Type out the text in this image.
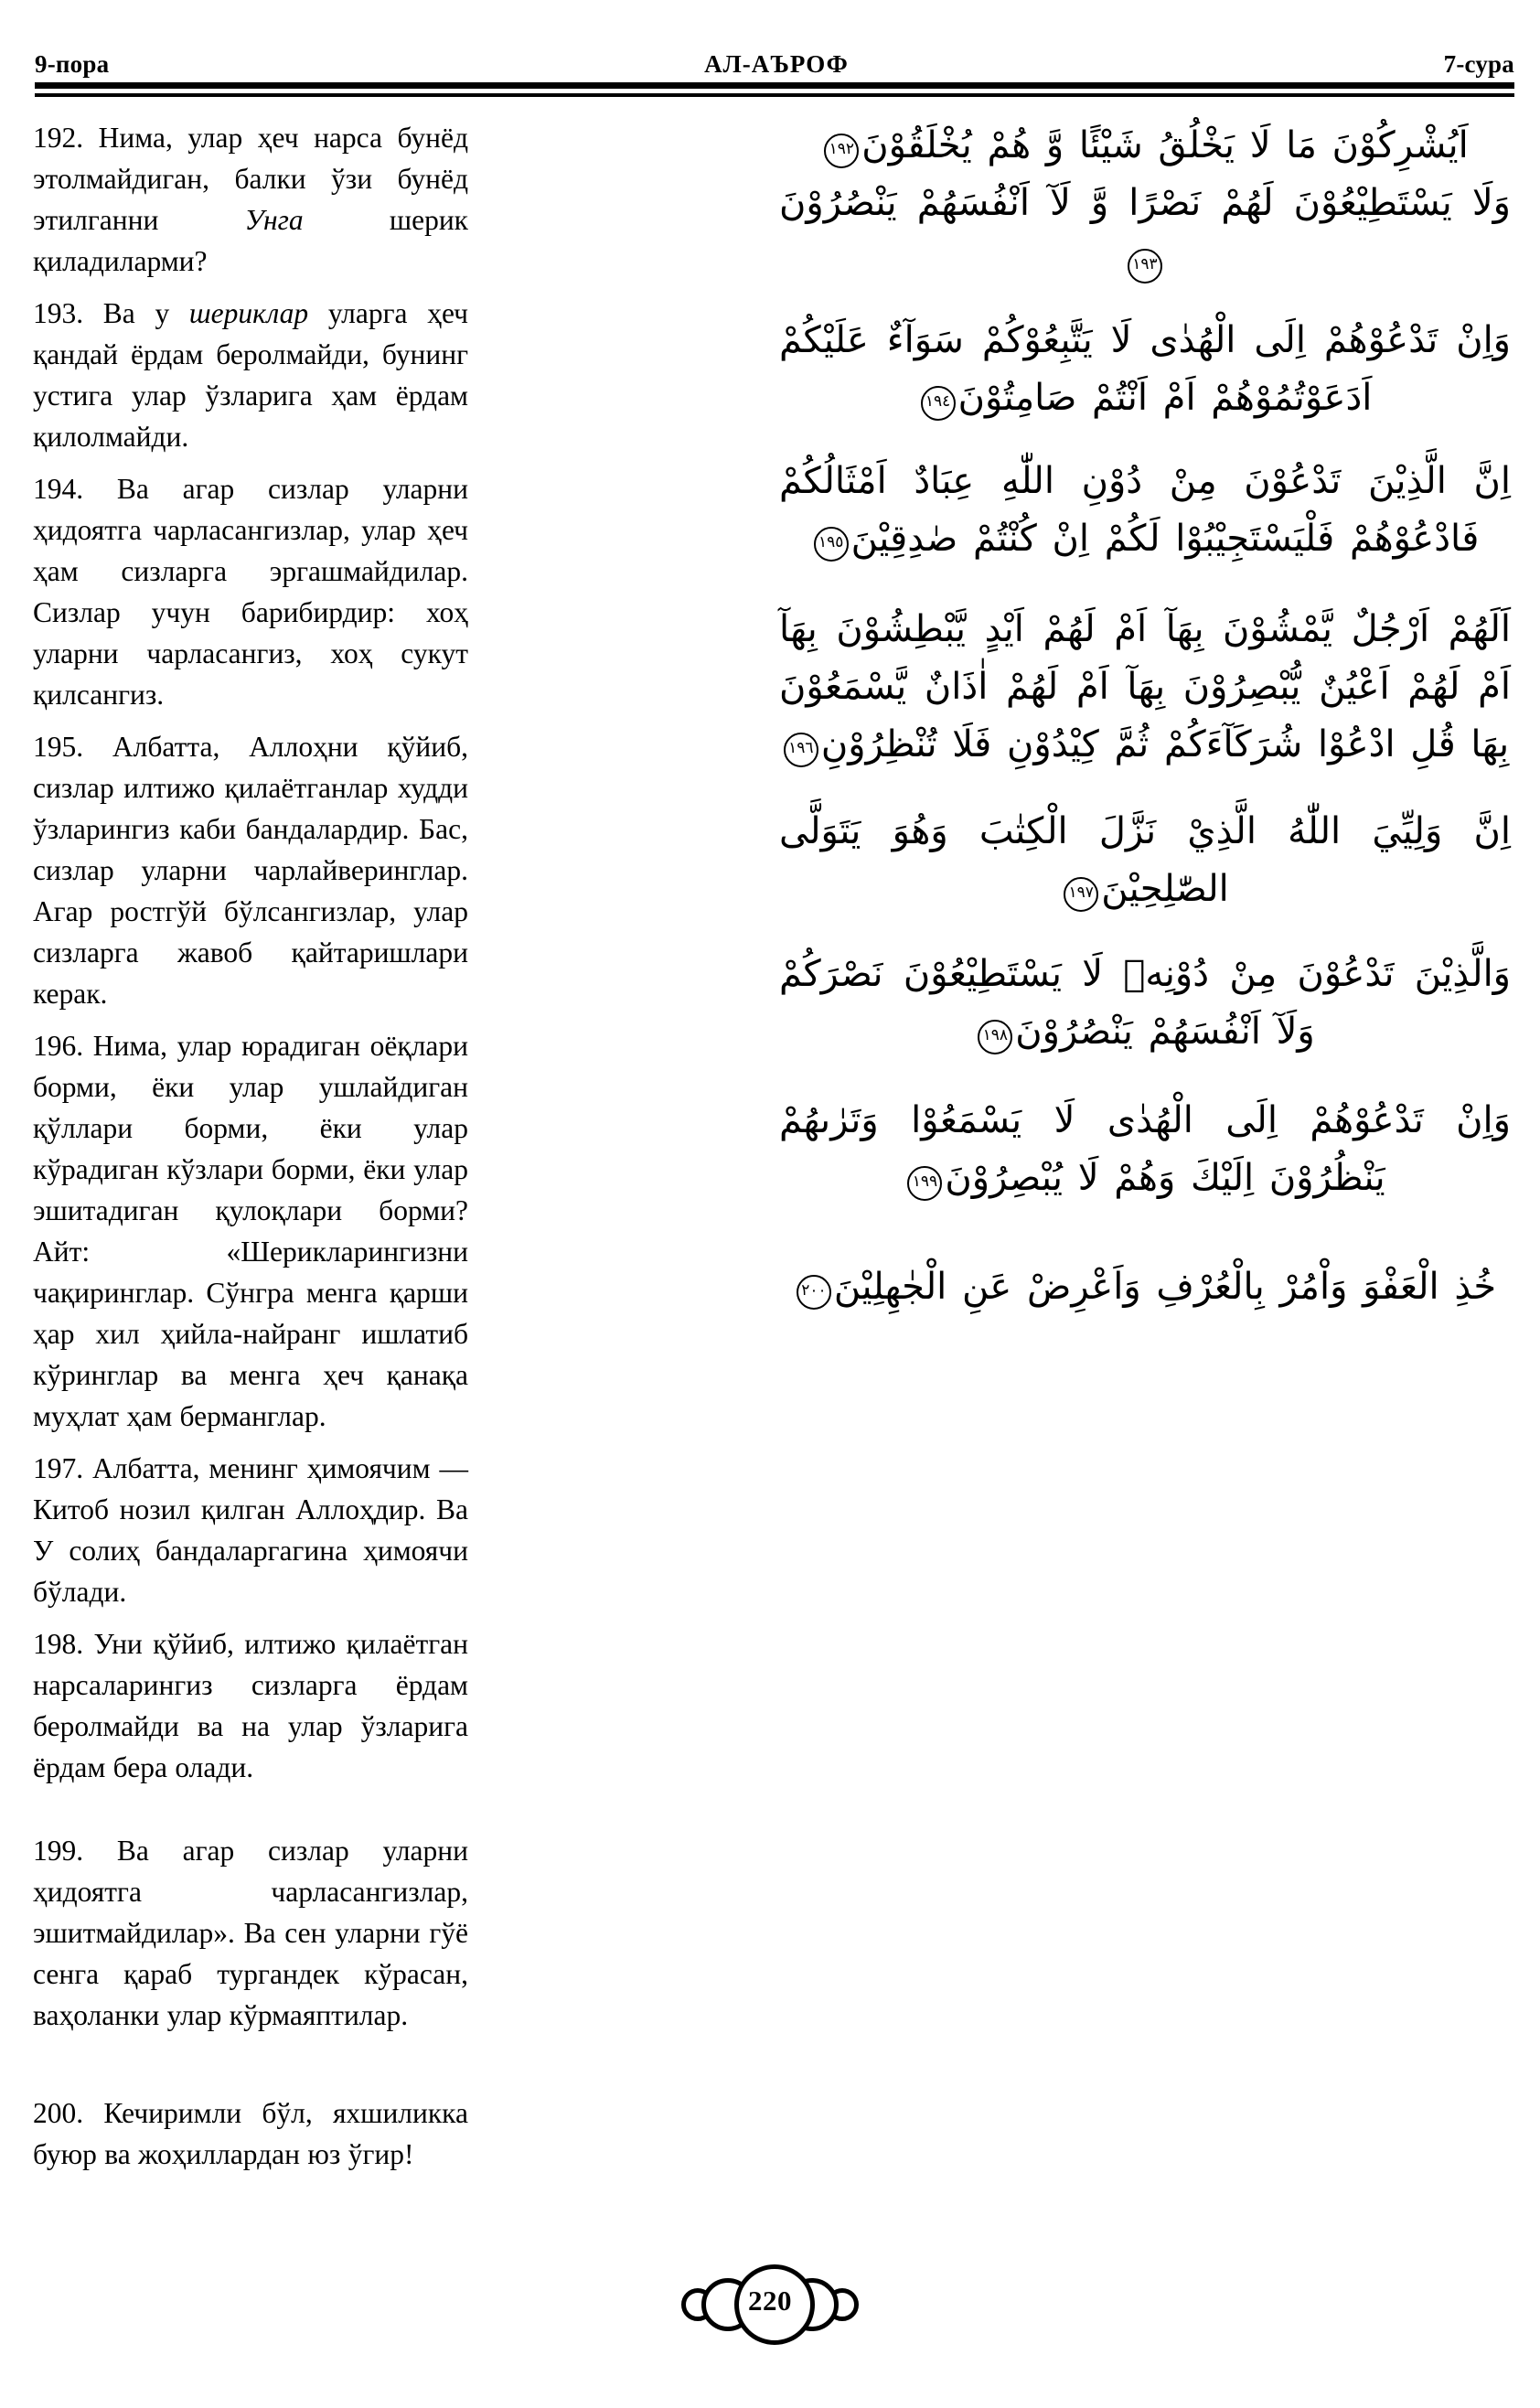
9-пора	АЛ-АЪРОФ	7-сура

192. Нима, улар ҳеч нарса бунёд этолмайдиган, балки ўзи бунёд этилганни Унга шерик қиладиларми?

193. Ва у шериклар уларга ҳеч қандай ёрдам беролмайди, бунинг устига улар ўзларига ҳам ёрдам қилолмайди.

194. Ва агар сизлар уларни ҳидоятга чарласангизлар, улар ҳеч ҳам сизларга эргашмайдилар. Сизлар учун барибирдир: хоҳ уларни чарласангиз, хоҳ сукут қилсангиз.

195. Албатта, Аллоҳни қўйиб, сизлар илтижо қилаётганлар худди ўзларингиз каби бандалардир. Бас, сизлар уларни чарлайверинглар. Агар ростгўй бўлсангизлар, улар сизларга жавоб қайтаришлари керак.

196. Нима, улар юрадиган оёқлари борми, ёки улар ушлайдиган қўллари борми, ёки улар кўрадиган кўзлари борми, ёки улар эшитадиган қулоқлари борми? Айт: «Шерикларингизни чақиринглар. Сўнгра менга қарши ҳар хил ҳийла-найранг ишлатиб кўринглар ва менга ҳеч қанақа муҳлат ҳам берманглар.

197. Албатта, менинг ҳимоячим — Китоб нозил қилган Аллоҳдир. Ва У солиҳ бандаларгагина ҳимоячи бўлади.

198. Уни қўйиб, илтижо қилаётган нарсаларингиз сизларга ёрдам беролмайди ва на улар ўзларига ёрдам бера олади.

199. Ва агар сизлар уларни ҳидоятга чарласангизлар, эшитмайдилар». Ва сен уларни гўё сенга қараб тургандек кўрасан, ваҳоланки улар кўрмаяптилар.

200. Кечиримли бўл, яхшиликка буюр ва жоҳиллардан юз ўгир!

اَيُشْرِكُوْنَ مَا لَا يَخْلُقُ شَيْئًا وَّ هُمْ يُخْلَقُوْنَ١٩٢

وَلَا يَسْتَطِيْعُوْنَ لَهُمْ نَصْرًا وَّ لَآ اَنْفُسَهُمْ يَنْصُرُوْنَ١٩٣

وَاِنْ تَدْعُوْهُمْ اِلَى الْهُدٰى لَا يَتَّبِعُوْكُمْ سَوَآءٌ عَلَيْكُمْ اَدَعَوْتُمُوْهُمْ اَمْ اَنْتُمْ صَامِتُوْنَ١٩٤

اِنَّ الَّذِيْنَ تَدْعُوْنَ مِنْ دُوْنِ اللّٰهِ عِبَادٌ اَمْثَالُكُمْ فَادْعُوْهُمْ فَلْيَسْتَجِيْبُوْا لَكُمْ اِنْ كُنْتُمْ صٰدِقِيْنَ١٩٥

اَلَهُمْ اَرْجُلٌ يَّمْشُوْنَ بِهَآ اَمْ لَهُمْ اَيْدٍ يَّبْطِشُوْنَ بِهَآ اَمْ لَهُمْ اَعْيُنٌ يُّبْصِرُوْنَ بِهَآ اَمْ لَهُمْ اٰذَانٌ يَّسْمَعُوْنَ بِهَا قُلِ ادْعُوْا شُرَكَآءَكُمْ ثُمَّ كِيْدُوْنِ فَلَا تُنْظِرُوْنِ١٩٦

اِنَّ وَلِيِّيَ اللّٰهُ الَّذِيْ نَزَّلَ الْكِتٰبَ وَهُوَ يَتَوَلَّى الصّٰلِحِيْنَ١٩٧

وَالَّذِيْنَ تَدْعُوْنَ مِنْ دُوْنِهٖ لَا يَسْتَطِيْعُوْنَ نَصْرَكُمْ وَلَآ اَنْفُسَهُمْ يَنْصُرُوْنَ١٩٨

وَاِنْ تَدْعُوْهُمْ اِلَى الْهُدٰى لَا يَسْمَعُوْا وَتَرٰىهُمْ يَنْظُرُوْنَ اِلَيْكَ وَهُمْ لَا يُبْصِرُوْنَ١٩٩

خُذِ الْعَفْوَ وَاْمُرْ بِالْعُرْفِ وَاَعْرِضْ عَنِ الْجٰهِلِيْنَ٢٠٠

220
